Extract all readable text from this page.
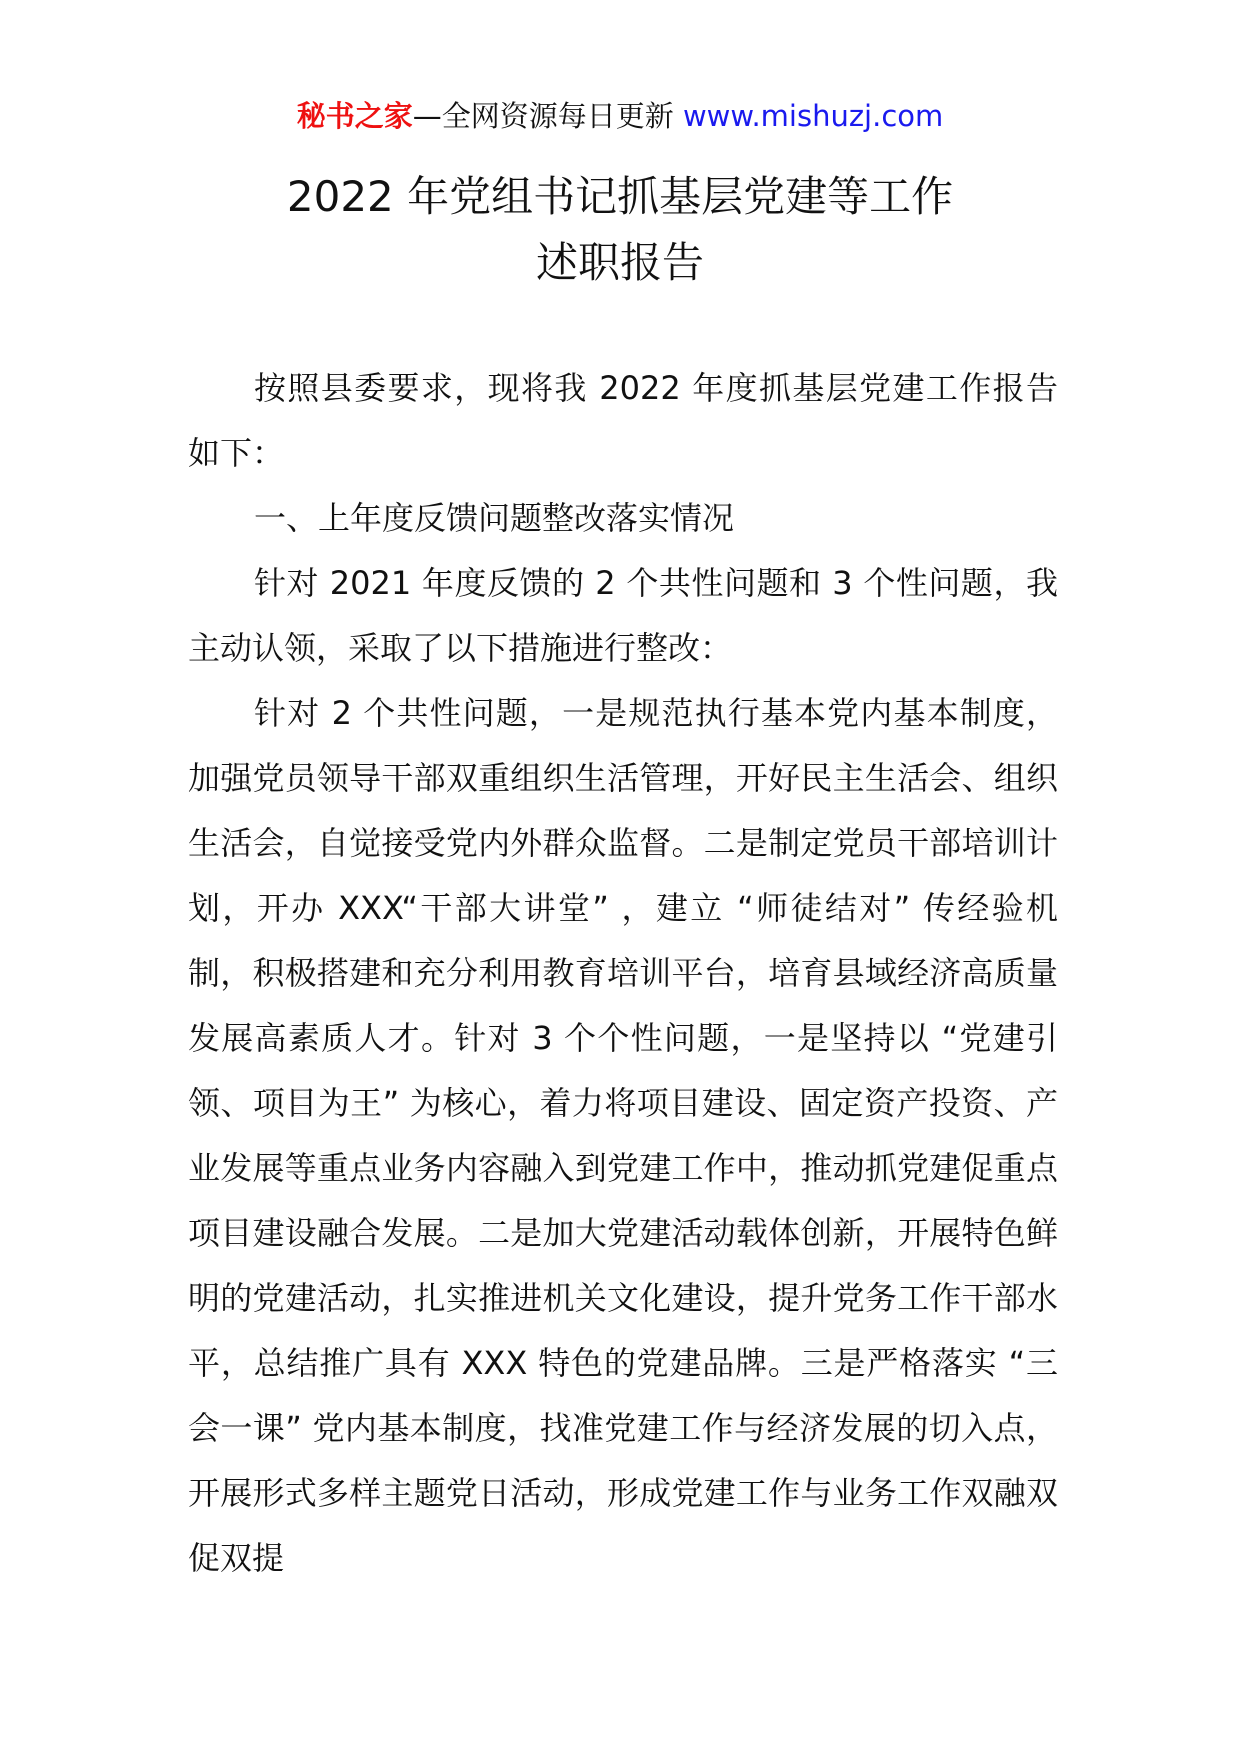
秘书之家—全网资源每日更新 www.mishuzj.com
2022 年党组书记抓基层党建等工作
述职报告

按照县委要求，现将我 2022 年度抓基层党建工作报告如下：

一、上年度反馈问题整改落实情况

针对 2021 年度反馈的 2 个共性问题和 3 个性问题，我主动认领，采取了以下措施进行整改：

针对 2 个共性问题，一是规范执行基本党内基本制度，加强党员领导干部双重组织生活管理，开好民主生活会、组织生活会，自觉接受党内外群众监督。二是制定党员干部培训计划，开办 XXX“干部大讲堂” ，建立 “师徒结对” 传经验机制，积极搭建和充分利用教育培训平台，培育县域经济高质量发展高素质人才。针对 3 个个性问题，一是坚持以 “党建引领、项目为王” 为核心，着力将项目建设、固定资产投资、产业发展等重点业务内容融入到党建工作中，推动抓党建促重点项目建设融合发展。二是加大党建活动载体创新，开展特色鲜明的党建活动，扎实推进机关文化建设，提升党务工作干部水平，总结推广具有 XXX 特色的党建品牌。三是严格落实 “三会一课” 党内基本制度，找准党建工作与经济发展的切入点，开展形式多样主题党日活动，形成党建工作与业务工作双融双促双提
